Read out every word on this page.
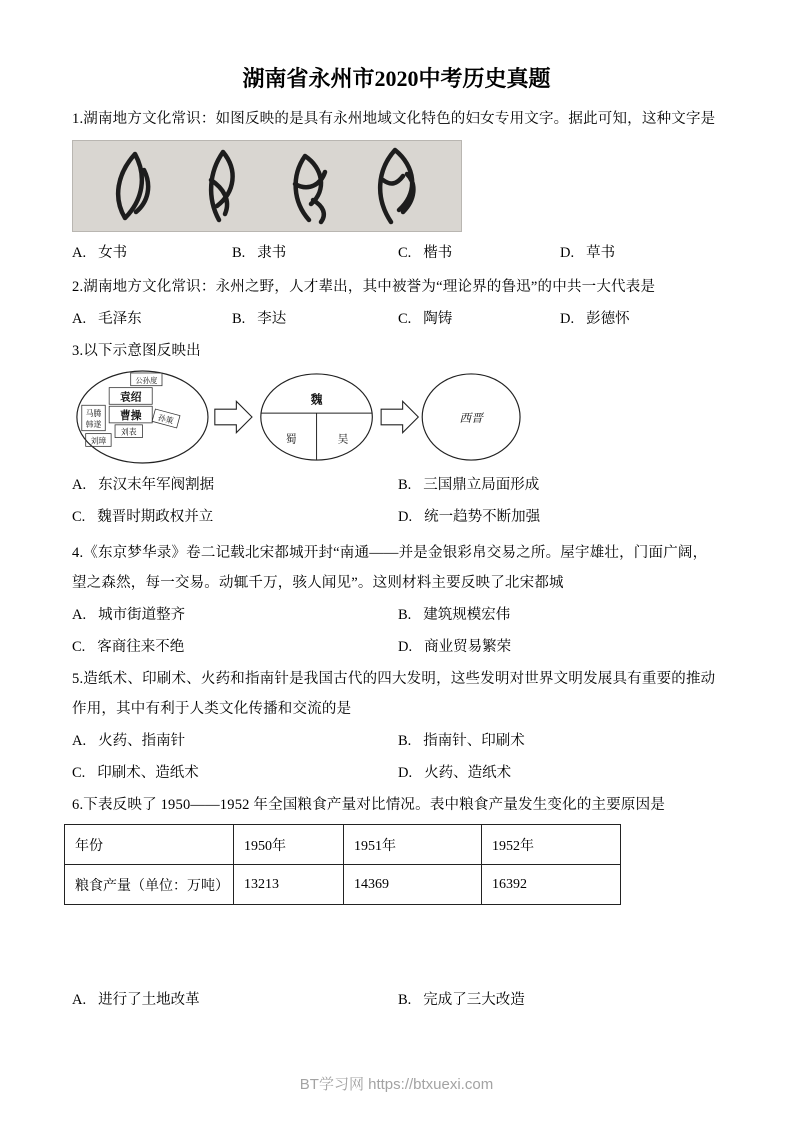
湖南省永州市2020中考历史真题

1.湖南地方文化常识：如图反映的是具有永州地域文化特色的妇女专用文字。据此可知，这种文字是

A. 女书	B. 隶书	C. 楷书	D. 草书

2.湖南地方文化常识：永州之野，人才辈出，其中被誉为“理论界的鲁迅”的中共一大代表是

A. 毛泽东	B. 李达	C. 陶铸	D. 彭德怀

3.以下示意图反映出

公孙度
袁绍
马腾
韩遂
曹操
刘璋
刘表
孙策
魏
蜀	吴
西晋
A. 东汉末年军阀割据	B. 三国鼎立局面形成
C. 魏晋时期政权并立	D. 统一趋势不断加强

4.《东京梦华录》卷二记载北宋都城开封“南通——并是金银彩帛交易之所。屋宇雄壮，门面广阔，望之森然，每一交易。动辄千万，骇人闻见”。这则材料主要反映了北宋都城

A. 城市街道整齐	B. 建筑规模宏伟
C. 客商往来不绝	D. 商业贸易繁荣

5.造纸术、印刷术、火药和指南针是我国古代的四大发明，这些发明对世界文明发展具有重要的推动作用，其中有利于人类文化传播和交流的是

A. 火药、指南针	B. 指南针、印刷术
C. 印刷术、造纸术	D. 火药、造纸术

6.下表反映了 1950——1952 年全国粮食产量对比情况。表中粮食产量发生变化的主要原因是

年份	1950年	1951年	1952年
粮食产量（单位：万吨）	13213	14369	16392
A. 进行了土地改革	B. 完成了三大改造
BT学习网 https://btxuexi.com
